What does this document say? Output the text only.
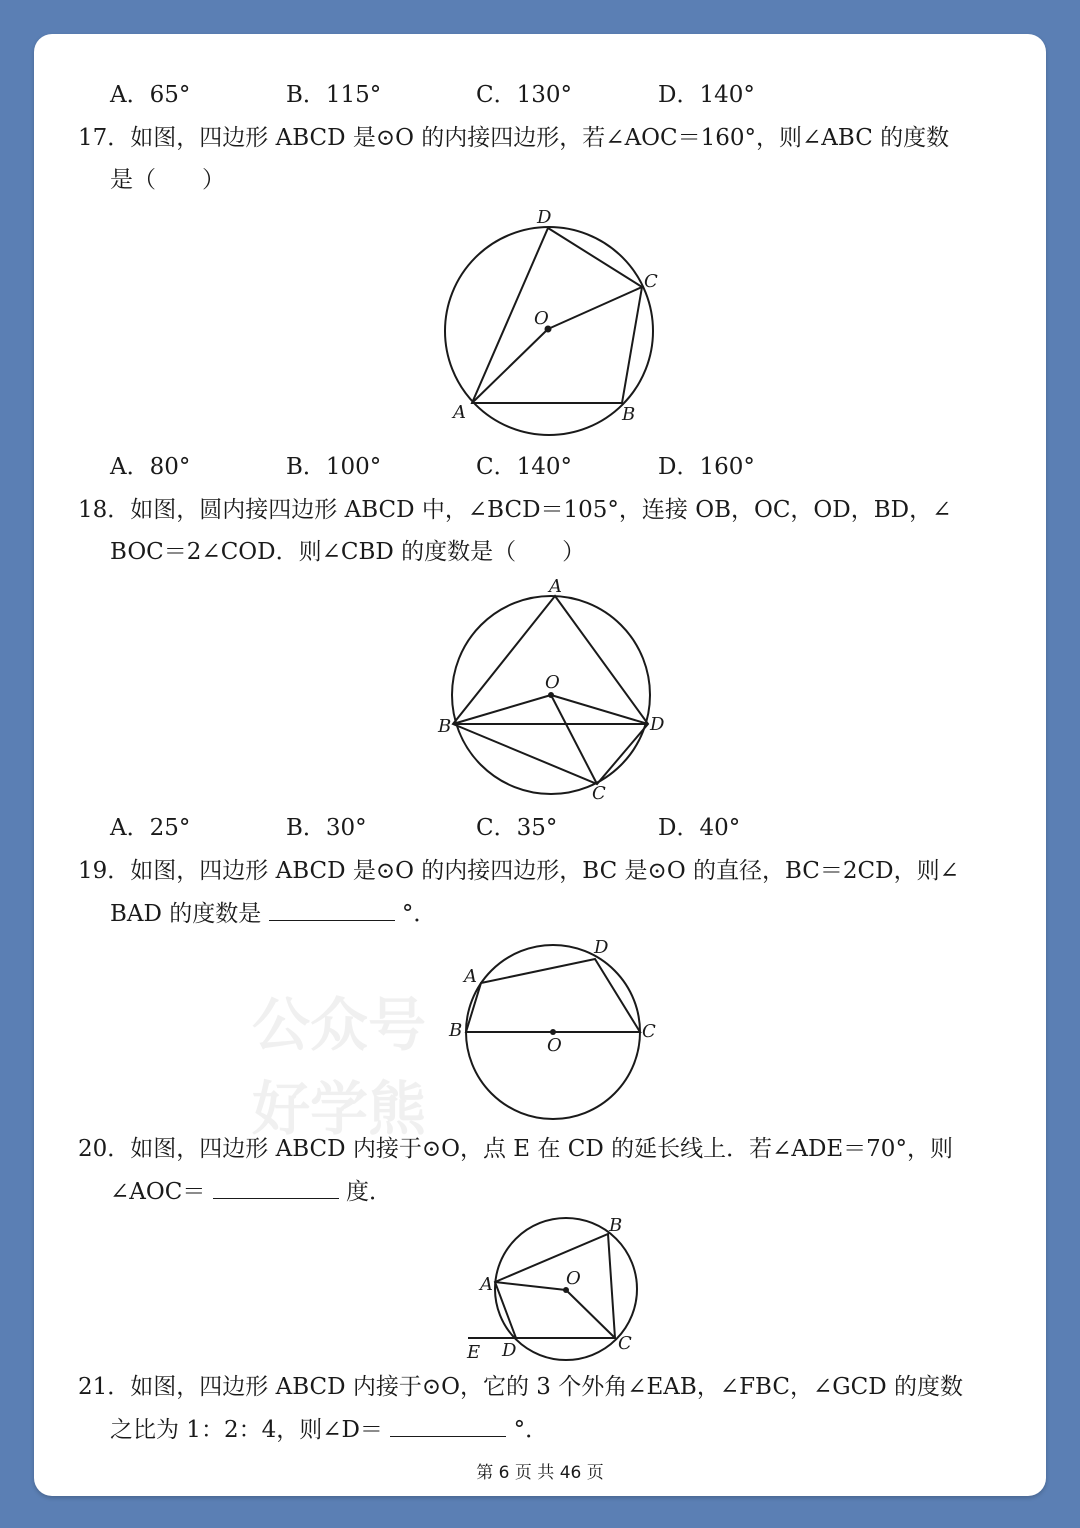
公众号
好学熊
A．65°	B．115°	C．130°	D．140°
17．如图，四边形 ABCD 是⊙O 的内接四边形，若∠AOC＝160°，则∠ABC 的度数
是（　　）
D
C
O
A	B
A．80°	B．100°	C．140°	D．160°
18．如图，圆内接四边形 ABCD 中，∠BCD＝105°，连接 OB，OC，OD，BD，∠
BOC＝2∠COD．则∠CBD 的度数是（　　）
A
O
B	D
C
A．25°	B．30°	C．35°	D．40°
19．如图，四边形 ABCD 是⊙O 的内接四边形，BC 是⊙O 的直径，BC＝2CD，则∠
BAD 的度数是	°．
D
A
B	C
O
20．如图，四边形 ABCD 内接于⊙O，点 E 在 CD 的延长线上．若∠ADE＝70°，则
∠AOC＝	度．
B
O
A
C
E D
21．如图，四边形 ABCD 内接于⊙O，它的 3 个外角∠EAB，∠FBC，∠GCD 的度数
之比为 1：2：4，则∠D＝	°．
第 6 页 共 46 页
